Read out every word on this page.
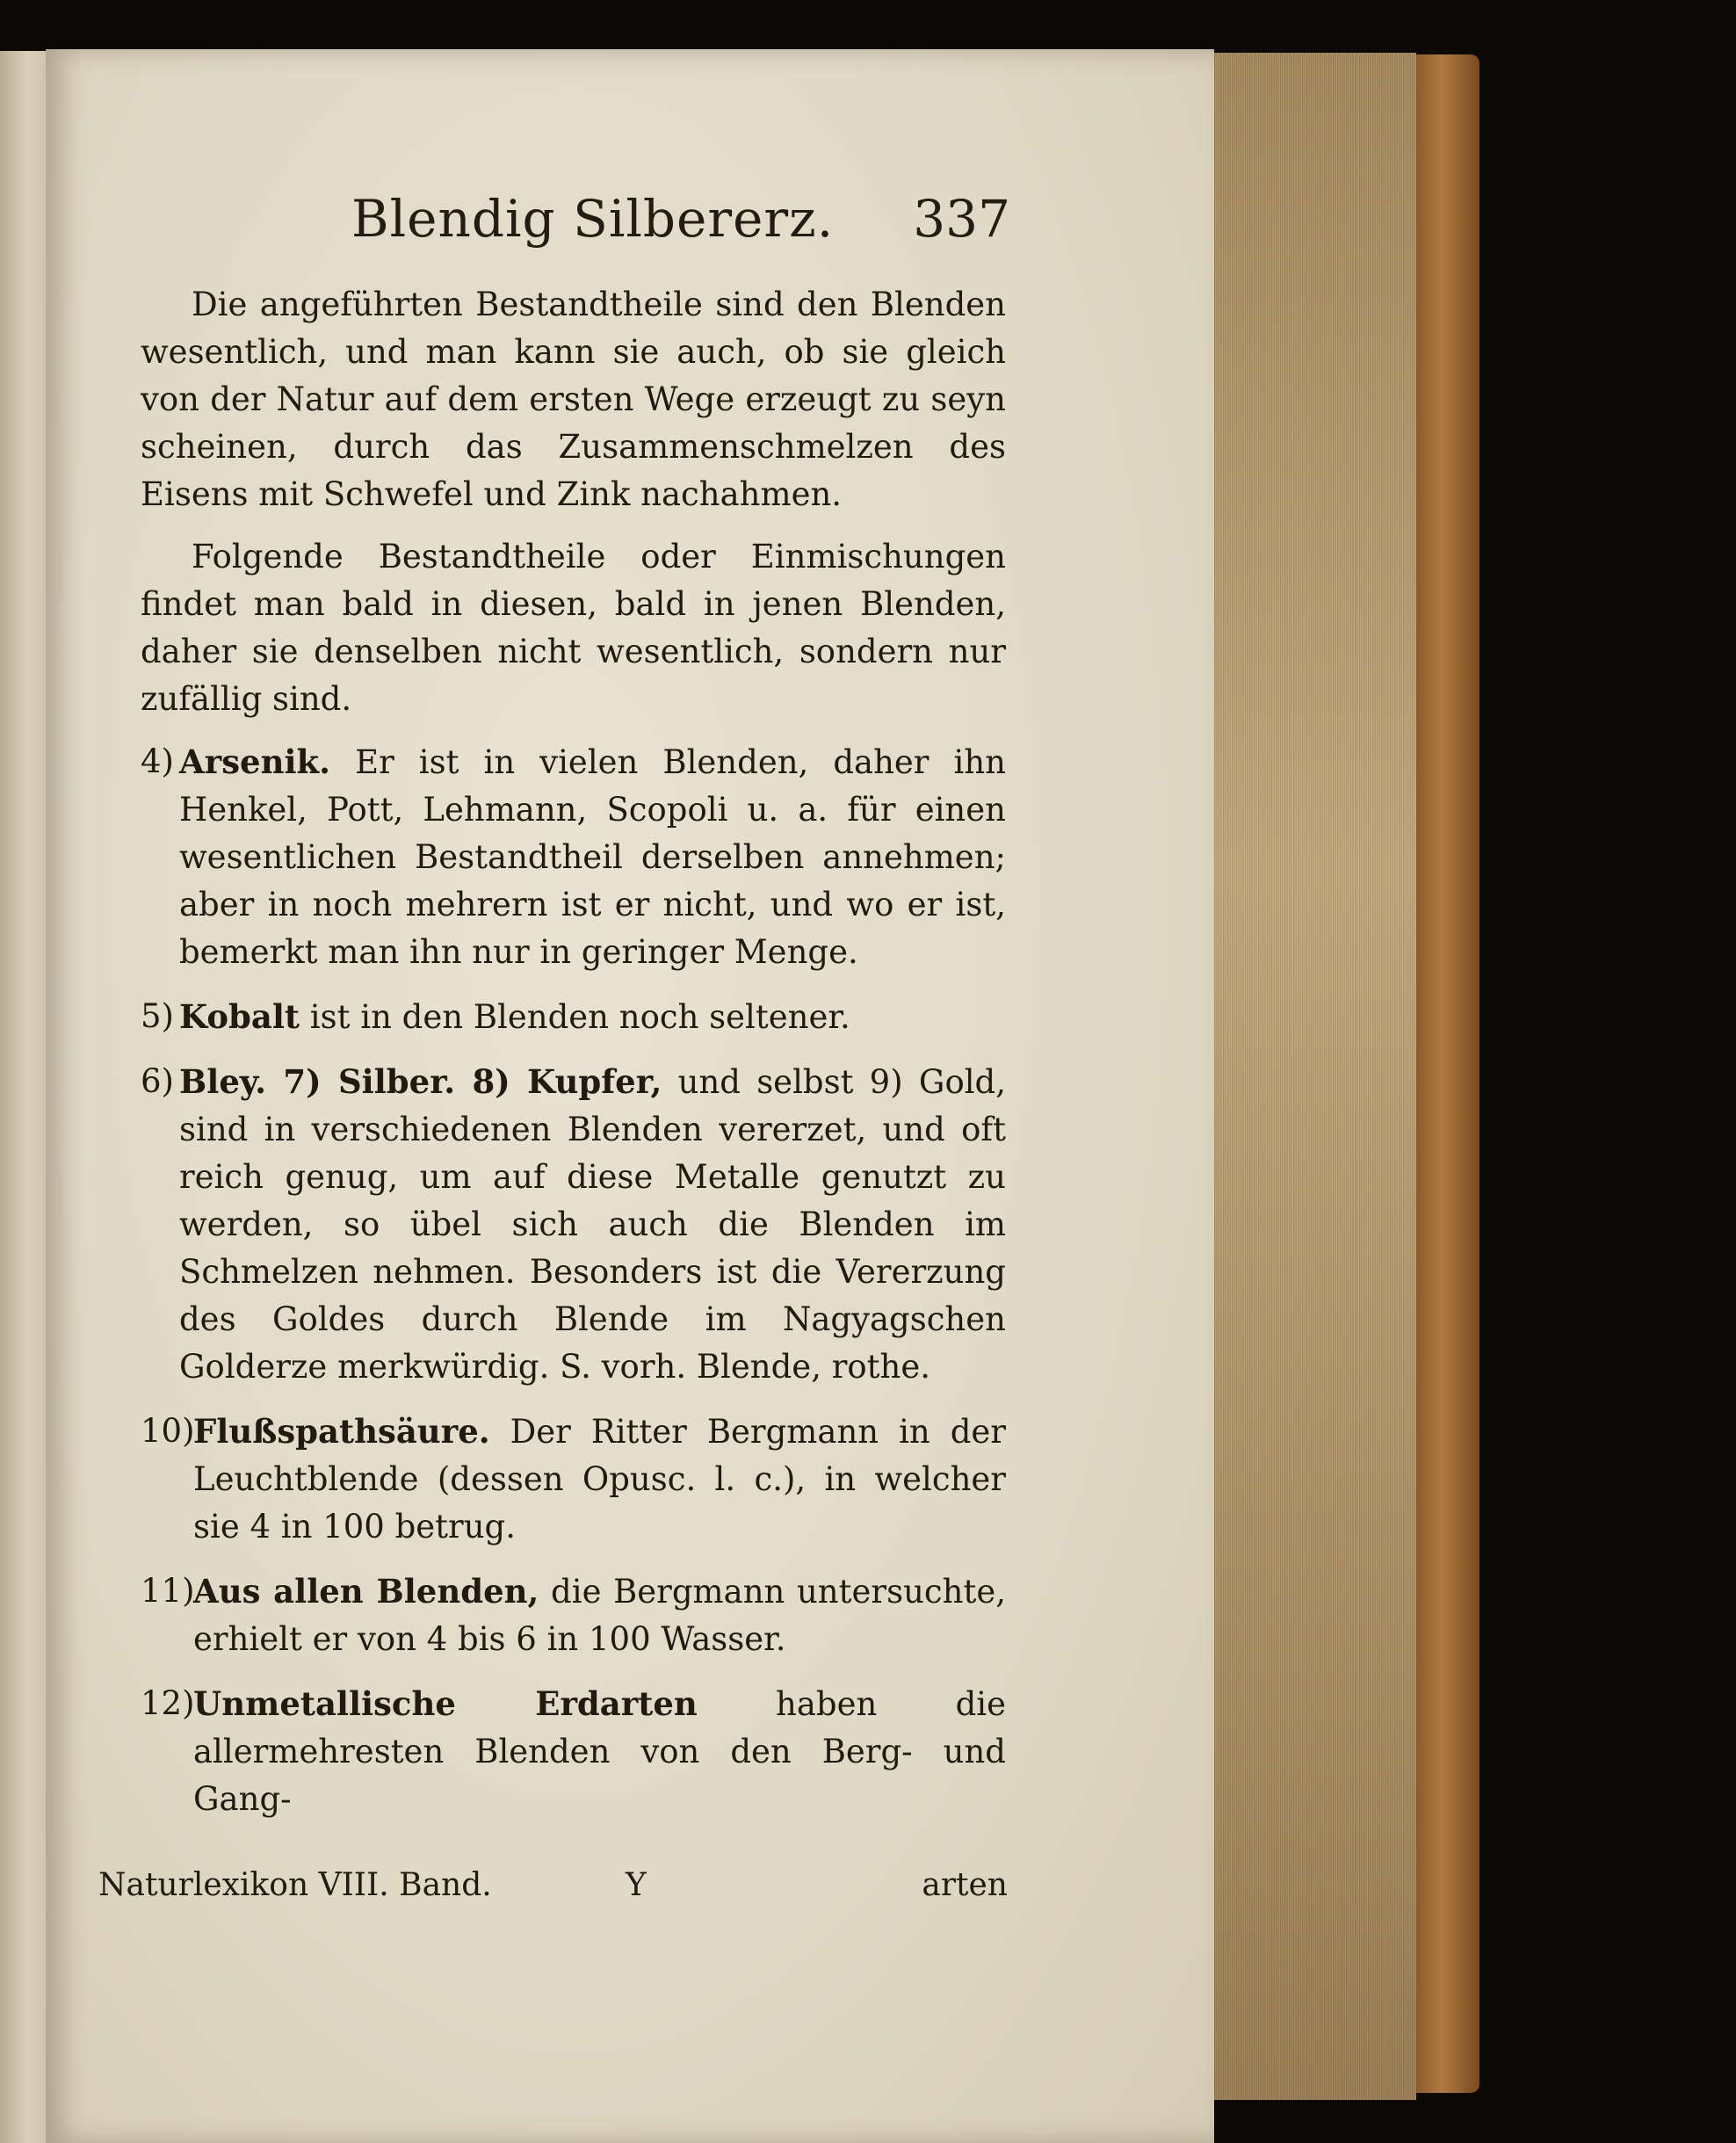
Blendig Silbererz. 337

Die angeführten Bestandtheile sind den Blenden wesentlich, und man kann sie auch, ob sie gleich von der Natur auf dem ersten Wege erzeugt zu seyn scheinen, durch das Zusammenschmelzen des Eisens mit Schwefel und Zink nachahmen.

Folgende Bestandtheile oder Einmischungen findet man bald in diesen, bald in jenen Blenden, daher sie denselben nicht wesentlich, sondern nur zufällig sind.

4) Arsenik. Er ist in vielen Blenden, daher ihn Henkel, Pott, Lehmann, Scopoli u. a. für einen wesentlichen Bestandtheil derselben annehmen; aber in noch mehrern ist er nicht, und wo er ist, bemerkt man ihn nur in geringer Menge.
5) Kobalt ist in den Blenden noch seltener.
6) Bley. 7) Silber. 8) Kupfer, und selbst 9) Gold, sind in verschiedenen Blenden vererzet, und oft reich genug, um auf diese Metalle genutzt zu werden, so übel sich auch die Blenden im Schmelzen nehmen. Besonders ist die Vererzung des Goldes durch Blende im Nagyagschen Golderze merkwürdig. S. vorh. Blende, rothe.
10)
Flußspathsäure. Der Ritter Bergmann in der Leuchtblende (dessen Opusc. l. c.), in welcher sie 4 in 100 betrug.
11)
Aus allen Blenden, die Bergmann untersuchte, erhielt er von 4 bis 6 in 100 Wasser.
12)
Unmetallische Erdarten haben die allermehresten Blenden von den Berg- und Gang-
Naturlexikon VIII. Band.	Y	arten
